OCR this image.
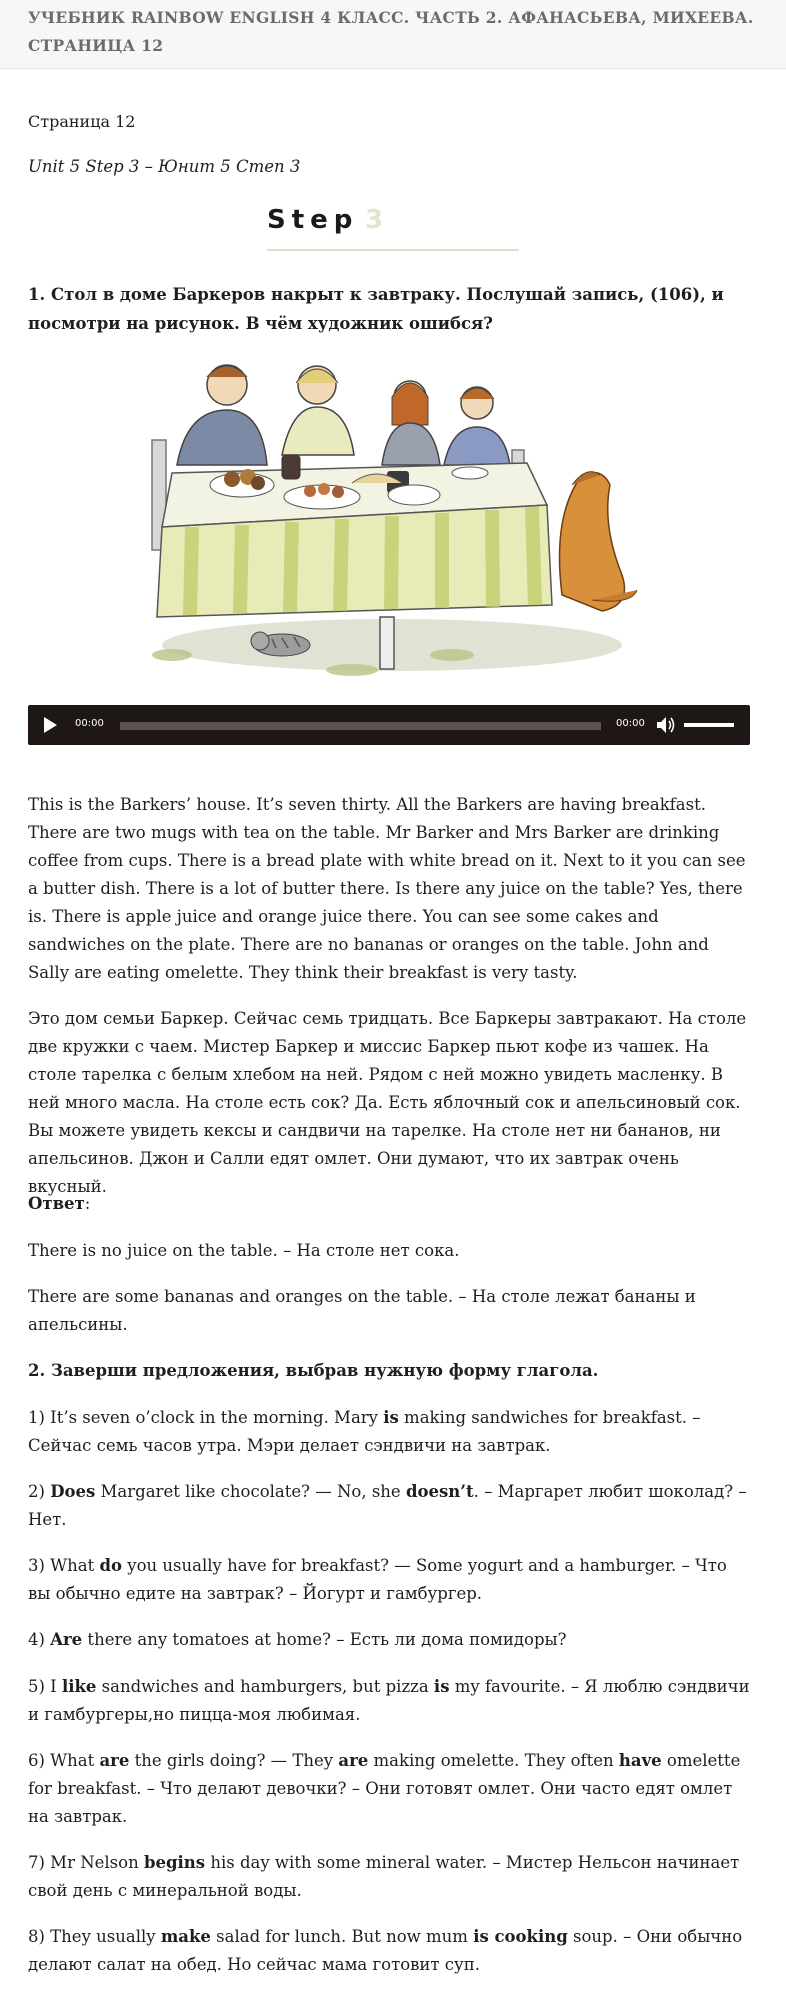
УЧЕБНИК RAINBOW ENGLISH 4 КЛАСС. ЧАСТЬ 2. АФАНАСЬЕВА, МИХЕЕВА. СТРАНИЦА 12
Страница 12
Unit 5 Step 3 – Юнит 5 Степ 3
Step 3
1. Стол в доме Баркеров накрыт к завтраку. Послушай запись, (106), и посмотри на рисунок. В чём художник ошибся?
00:00	00:00

This is the Barkers’ house. It’s seven thirty. All the Barkers are having breakfast. There are two mugs with tea on the table. Mr Barker and Mrs Barker are drinking coffee from cups. There is a bread plate with white bread on it. Next to it you can see a butter dish. There is a lot of butter there. Is there any juice on the table? Yes, there is. There is apple juice and orange juice there. You can see some cakes and sandwiches on the plate. There are no bananas or oranges on the table. John and Sally are eating omelette. They think their breakfast is very tasty.

Это дом семьи Баркер. Сейчас семь тридцать. Все Баркеры завтракают. На столе две кружки с чаем. Мистер Баркер и миссис Баркер пьют кофе из чашек. На столе тарелка с белым хлебом на ней. Рядом с ней можно увидеть масленку. В ней много масла. На столе есть сок? Да. Есть яблочный сок и апельсиновый сок. Вы можете увидеть кексы и сандвичи на тарелке. На столе нет ни бананов, ни апельсинов. Джон и Салли едят омлет. Они думают, что их завтрак очень вкусный.

Ответ:

There is no juice on the table. – На столе нет сока.

There are some bananas and oranges on the table. – На столе лежат бананы и апельсины.

2. Заверши предложения, выбрав нужную форму глагола.

1) It’s seven o’clock in the morning. Mary is making sandwiches for breakfast. – Сейчас семь часов утра. Мэри делает сэндвичи на завтрак.

2) Does Margaret like chocolate? — No, she doesn’t. – Маргарет любит шоколад? – Нет.

3) What do you usually have for breakfast? — Some yogurt and a hamburger. – Что вы обычно едите на завтрак? – Йогурт и гамбургер.

4) Are there any tomatoes at home? – Есть ли дома помидоры?

5) I like sandwiches and hamburgers, but pizza is my favourite. – Я люблю сэндвичи и гамбургеры,но пицца-моя любимая.

6) What are the girls doing? — They are making omelette. They often have omelette for breakfast. – Что делают девочки? – Они готовят омлет. Они часто едят омлет на завтрак.

7) Mr Nelson begins his day with some mineral water. – Мистер Нельсон начинает свой день с минеральной воды.

8) They usually make salad for lunch. But now mum is cooking soup. – Они обычно делают салат на обед. Но сейчас мама готовит суп.
